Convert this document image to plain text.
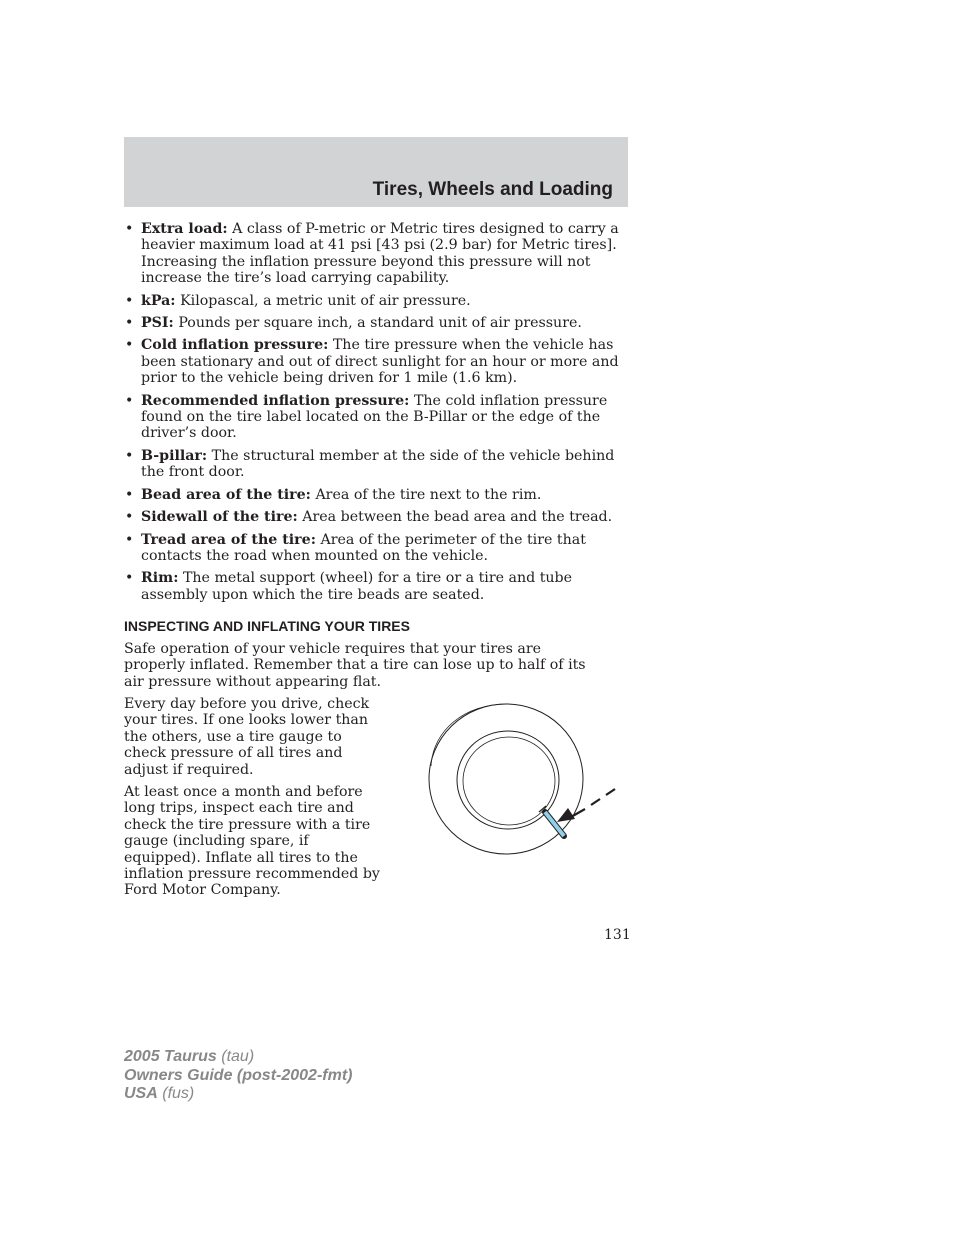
Tires, Wheels and Loading
• Extra load: A class of P-metric or Metric tires designed to carry a heavier maximum load at 41 psi [43 psi (2.9 bar) for Metric tires]. Increasing the inflation pressure beyond this pressure will not increase the tire’s load carrying capability.
• kPa: Kilopascal, a metric unit of air pressure.
• PSI: Pounds per square inch, a standard unit of air pressure.
• Cold inflation pressure: The tire pressure when the vehicle has been stationary and out of direct sunlight for an hour or more and prior to the vehicle being driven for 1 mile (1.6 km).
• Recommended inflation pressure: The cold inflation pressure found on the tire label located on the B-Pillar or the edge of the driver’s door.
• B-pillar: The structural member at the side of the vehicle behind the front door.
• Bead area of the tire: Area of the tire next to the rim.
• Sidewall of the tire: Area between the bead area and the tread.
• Tread area of the tire: Area of the perimeter of the tire that contacts the road when mounted on the vehicle.
• Rim: The metal support (wheel) for a tire or a tire and tube assembly upon which the tire beads are seated.
INSPECTING AND INFLATING YOUR TIRES

Safe operation of your vehicle requires that your tires are properly inflated. Remember that a tire can lose up to half of its air pressure without appearing flat.

Every day before you drive, check your tires. If one looks lower than the others, use a tire gauge to check pressure of all tires and adjust if required.

At least once a month and before long trips, inspect each tire and check the tire pressure with a tire gauge (including spare, if equipped). Inflate all tires to the inflation pressure recommended by Ford Motor Company.

131
2005 Taurus (tau)
Owners Guide (post-2002-fmt)
USA (fus)
